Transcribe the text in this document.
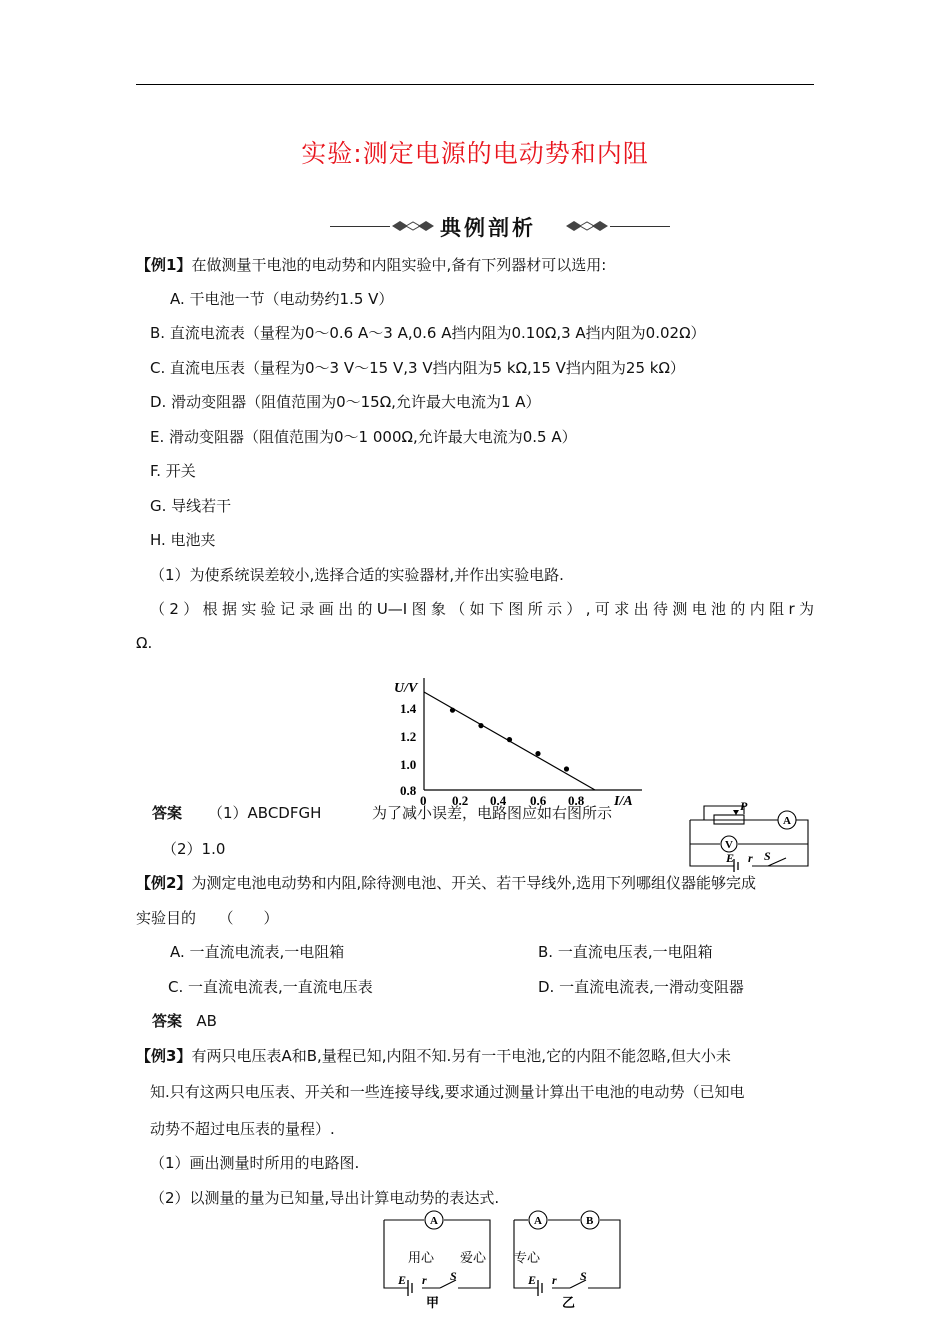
实验:测定电源的电动势和内阻
典例剖析
【例1】在做测量干电池的电动势和内阻实验中,备有下列器材可以选用:
A. 干电池一节（电动势约1.5 V）
B. 直流电流表（量程为0～0.6 A～3 A,0.6 A挡内阻为0.10Ω,3 A挡内阻为0.02Ω）
C. 直流电压表（量程为0～3 V～15 V,3 V挡内阻为5 kΩ,15 V挡内阻为25 kΩ）
D. 滑动变阻器（阻值范围为0～15Ω,允许最大电流为1 A）
E. 滑动变阻器（阻值范围为0～1 000Ω,允许最大电流为0.5 A）
F. 开关
G. 导线若干
H. 电池夹
（1）为使系统误差较小,选择合适的实验器材,并作出实验电路.
（2）根据实验记录画出的U—I图象（如下图所示）,可求出待测电池的内阻r为
Ω.
U/V
I/A
1.4
1.2
1.0
0.8
0 0.2 0.4 0.6 0.8
答案 （1）ABCDFGH	为了减小误差，电路图应如右图所示
（2）1.0
P
E r S
A
V
【例2】为测定电池电动势和内阻,除待测电池、开关、若干导线外,选用下列哪组仪器能够完成
实验目的　　（　　）
A. 一直流电流表,一电阻箱	B. 一直流电压表,一电阻箱
C. 一直流电流表,一直流电压表	D. 一直流电流表,一滑动变阻器
答案 AB
【例3】有两只电压表A和B,量程已知,内阻不知.另有一干电池,它的内阻不能忽略,但大小未
知.只有这两只电压表、开关和一些连接导线,要求通过测量计算出干电池的电动势（已知电
动势不超过电压表的量程）.
（1）画出测量时所用的电路图.
（2）以测量的量为已知量,导出计算电动势的表达式.
A
用心 爱心
E r S
甲
A	B
专心
E r S
乙
